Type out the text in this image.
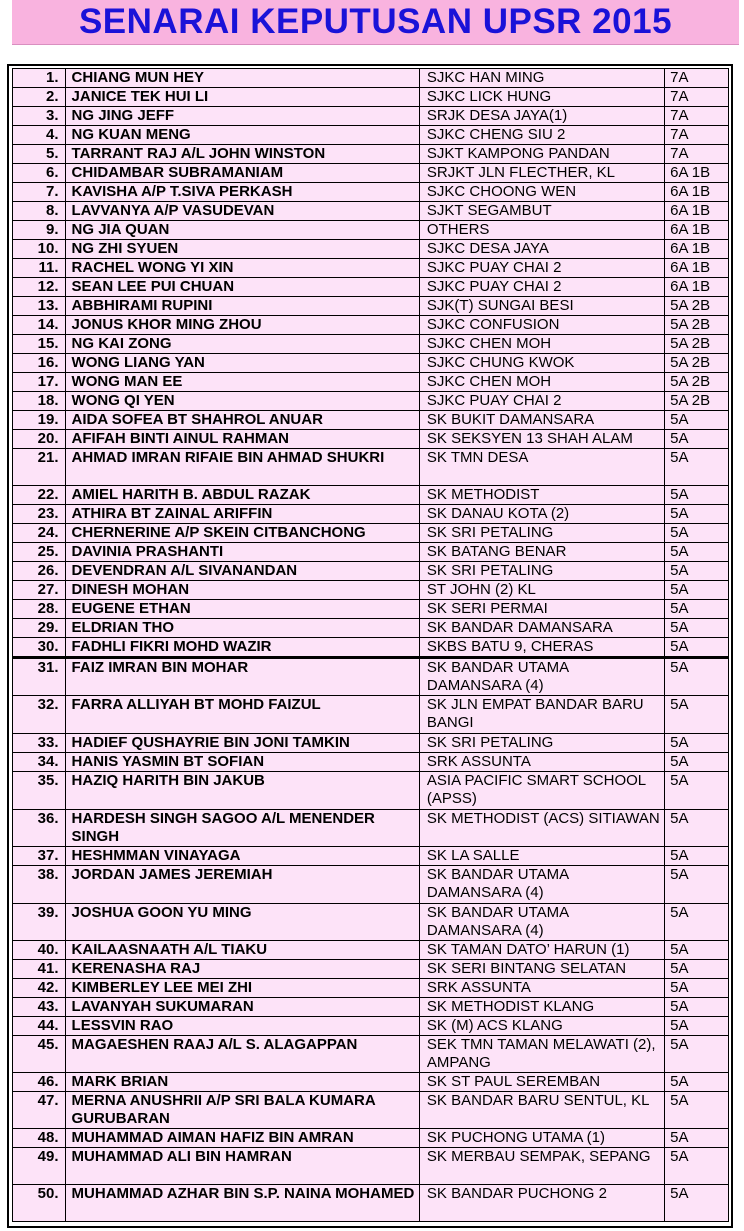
SENARAI KEPUTUSAN UPSR 2015
1.	CHIANG MUN HEY	SJKC HAN MING	7A
2.	JANICE TEK HUI LI	SJKC LICK HUNG	7A
3.	NG JING JEFF	SRJK DESA JAYA(1)	7A
4.	NG KUAN MENG	SJKC CHENG SIU 2	7A
5.	TARRANT RAJ A/L JOHN WINSTON	SJKT KAMPONG PANDAN	7A
6.	CHIDAMBAR SUBRAMANIAM	SRJKT JLN FLECTHER, KL	6A 1B
7.	KAVISHA A/P T.SIVA PERKASH	SJKC CHOONG WEN	6A 1B
8.	LAVVANYA A/P VASUDEVAN	SJKT SEGAMBUT	6A 1B
9.	NG JIA QUAN	OTHERS	6A 1B
10.	NG ZHI SYUEN	SJKC DESA JAYA	6A 1B
11.	RACHEL WONG YI XIN	SJKC PUAY CHAI 2	6A 1B
12.	SEAN LEE PUI CHUAN	SJKC PUAY CHAI 2	6A 1B
13.	ABBHIRAMI RUPINI	SJK(T) SUNGAI BESI	5A 2B
14.	JONUS KHOR MING ZHOU	SJKC CONFUSION	5A 2B
15.	NG KAI ZONG	SJKC CHEN MOH	5A 2B
16.	WONG LIANG YAN	SJKC CHUNG KWOK	5A 2B
17.	WONG MAN EE	SJKC CHEN MOH	5A 2B
18.	WONG QI YEN	SJKC PUAY CHAI 2	5A 2B
19.	AIDA SOFEA BT SHAHROL ANUAR	SK BUKIT DAMANSARA	5A
20.	AFIFAH BINTI AINUL RAHMAN	SK SEKSYEN 13 SHAH ALAM	5A
21.	AHMAD IMRAN RIFAIE BIN AHMAD SHUKRI	SK TMN DESA	5A
22.	AMIEL HARITH B. ABDUL RAZAK	SK METHODIST	5A
23.	ATHIRA BT ZAINAL ARIFFIN	SK DANAU KOTA (2)	5A
24.	CHERNERINE A/P SKEIN CITBANCHONG	SK SRI PETALING	5A
25.	DAVINIA PRASHANTI	SK BATANG BENAR	5A
26.	DEVENDRAN A/L SIVANANDAN	SK SRI PETALING	5A
27.	DINESH MOHAN	ST JOHN (2) KL	5A
28.	EUGENE ETHAN	SK SERI PERMAI	5A
29.	ELDRIAN THO	SK BANDAR DAMANSARA	5A
30.	FADHLI FIKRI MOHD WAZIR	SKBS BATU 9, CHERAS	5A
31.	FAIZ IMRAN BIN MOHAR	SK BANDAR UTAMA DAMANSARA (4)	5A
32.	FARRA ALLIYAH BT MOHD FAIZUL	SK JLN EMPAT BANDAR BARU BANGI	5A
33.	HADIEF QUSHAYRIE BIN JONI TAMKIN	SK SRI PETALING	5A
34.	HANIS YASMIN BT SOFIAN	SRK ASSUNTA	5A
35.	HAZIQ HARITH BIN JAKUB	ASIA PACIFIC SMART SCHOOL (APSS)	5A
36.	HARDESH SINGH SAGOO A/L MENENDER SINGH	SK METHODIST (ACS) SITIAWAN	5A
37.	HESHMMAN VINAYAGA	SK LA SALLE	5A
38.	JORDAN JAMES JEREMIAH	SK BANDAR UTAMA DAMANSARA (4)	5A
39.	JOSHUA GOON YU MING	SK BANDAR UTAMA DAMANSARA (4)	5A
40.	KAILAASNAATH A/L TIAKU	SK TAMAN DATO’ HARUN (1)	5A
41.	KERENASHA RAJ	SK SERI BINTANG SELATAN	5A
42.	KIMBERLEY LEE MEI ZHI	SRK ASSUNTA	5A
43.	LAVANYAH SUKUMARAN	SK METHODIST KLANG	5A
44.	LESSVIN RAO	SK (M) ACS KLANG	5A
45.	MAGAESHEN RAAJ A/L S. ALAGAPPAN	SEK TMN TAMAN MELAWATI (2), AMPANG	5A
46.	MARK BRIAN	SK ST PAUL SEREMBAN	5A
47.	MERNA ANUSHRII A/P SRI BALA KUMARA GURUBARAN	SK BANDAR BARU SENTUL, KL	5A
48.	MUHAMMAD AIMAN HAFIZ BIN AMRAN	SK PUCHONG UTAMA (1)	5A
49.	MUHAMMAD ALI BIN HAMRAN	SK MERBAU SEMPAK, SEPANG	5A
50.	MUHAMMAD AZHAR BIN S.P. NAINA MOHAMED	SK BANDAR PUCHONG 2	5A
